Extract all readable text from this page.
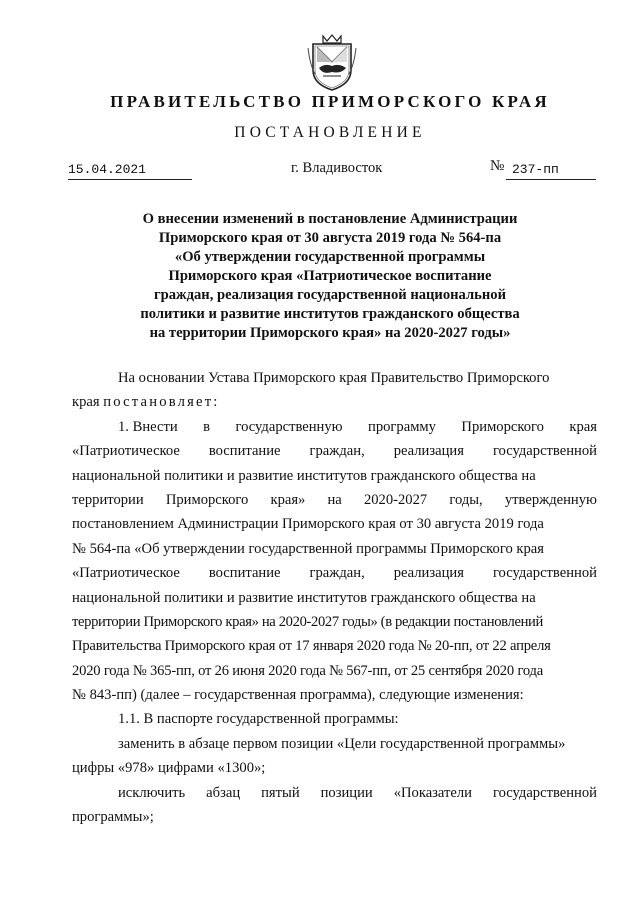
ПРАВИТЕЛЬСТВО ПРИМОРСКОГО КРАЯ
ПОСТАНОВЛЕНИЕ
15.04.2021	г. Владивосток	№ 237-пп
О внесении изменений в постановление Администрации
Приморского края от 30 августа 2019 года № 564-па
«Об утверждении государственной программы
Приморского края «Патриотическое воспитание
граждан, реализация государственной национальной
политики и развитие институтов гражданского общества
на территории Приморского края» на 2020-2027 годы»
На основании Устава Приморского края Правительство Приморского
края постановляет:
1. Внести в государственную программу Приморского края
«Патриотическое воспитание граждан, реализация государственной
национальной политики и развитие институтов гражданского общества на
территории Приморского края» на 2020-2027 годы, утвержденную
постановлением Администрации Приморского края от 30 августа 2019 года
№ 564-па «Об утверждении государственной программы Приморского края
«Патриотическое воспитание граждан, реализация государственной
национальной политики и развитие институтов гражданского общества на
территории Приморского края» на 2020-2027 годы» (в редакции постановлений
Правительства Приморского края от 17 января 2020 года № 20-пп, от 22 апреля
2020 года № 365-пп, от 26 июня 2020 года № 567-пп, от 25 сентября 2020 года
№ 843-пп) (далее – государственная программа), следующие изменения:
1.1. В паспорте государственной программы:
заменить в абзаце первом позиции «Цели государственной программы»
цифры «978» цифрами «1300»;
исключить абзац пятый позиции «Показатели государственной
программы»;
